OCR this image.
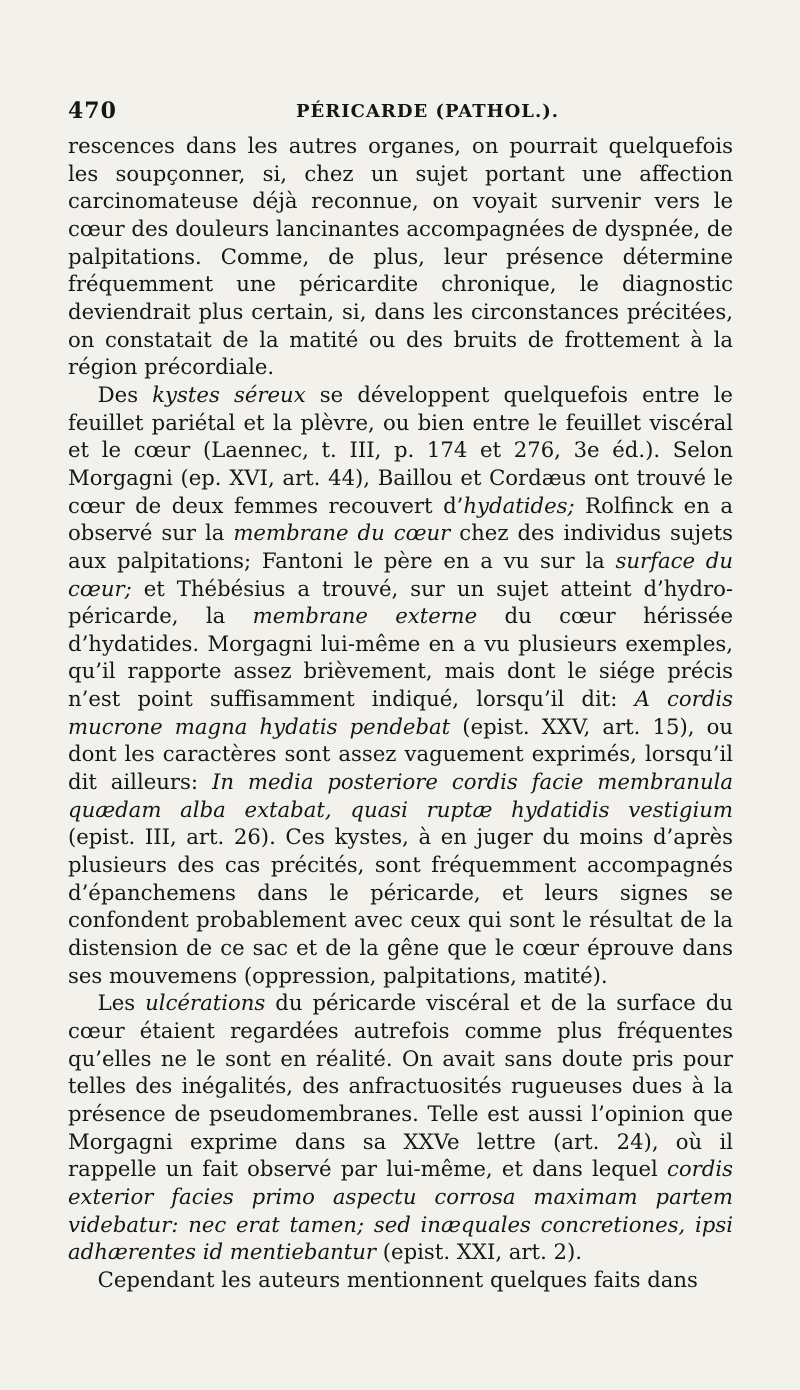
470	PÉRICARDE (PATHOL.).

rescences dans les autres organes, on pourrait quelquefois les soupçonner, si, chez un sujet portant une affection carcinomateuse déjà reconnue, on voyait survenir vers le cœur des douleurs lancinantes accompagnées de dyspnée, de palpitations. Comme, de plus, leur présence détermine fréquemment une péricardite chronique, le diagnostic deviendrait plus certain, si, dans les circonstances précitées, on constatait de la matité ou des bruits de frottement à la région précordiale.

Des kystes séreux se développent quelquefois entre le feuillet pariétal et la plèvre, ou bien entre le feuillet viscéral et le cœur (Laennec, t. III, p. 174 et 276, 3e éd.). Selon Morgagni (ep. XVI, art. 44), Baillou et Cordæus ont trouvé le cœur de deux femmes recouvert d’hydatides; Rolfinck en a observé sur la membrane du cœur chez des individus sujets aux palpitations; Fantoni le père en a vu sur la surface du cœur; et Thébésius a trouvé, sur un sujet atteint d’hydro-péricarde, la membrane externe du cœur hérissée d’hydatides. Morgagni lui-même en a vu plusieurs exemples, qu’il rapporte assez brièvement, mais dont le siége précis n’est point suffisamment indiqué, lorsqu’il dit: A cordis mucrone magna hydatis pendebat (epist. XXV, art. 15), ou dont les caractères sont assez vaguement exprimés, lorsqu’il dit ailleurs: In media posteriore cordis facie membranula quædam alba extabat, quasi ruptæ hydatidis vestigium (epist. III, art. 26). Ces kystes, à en juger du moins d’après plusieurs des cas précités, sont fréquemment accompagnés d’épanchemens dans le péricarde, et leurs signes se confondent probablement avec ceux qui sont le résultat de la distension de ce sac et de la gêne que le cœur éprouve dans ses mouvemens (oppression, palpitations, matité).

Les ulcérations du péricarde viscéral et de la surface du cœur étaient regardées autrefois comme plus fréquentes qu’elles ne le sont en réalité. On avait sans doute pris pour telles des inégalités, des anfractuosités rugueuses dues à la présence de pseudomembranes. Telle est aussi l’opinion que Morgagni exprime dans sa XXVe lettre (art. 24), où il rappelle un fait observé par lui-même, et dans lequel cordis exterior facies primo aspectu corrosa maximam partem videbatur: nec erat tamen; sed inæquales concretiones, ipsi adhærentes id mentiebantur (epist. XXI, art. 2).

Cependant les auteurs mentionnent quelques faits dans
